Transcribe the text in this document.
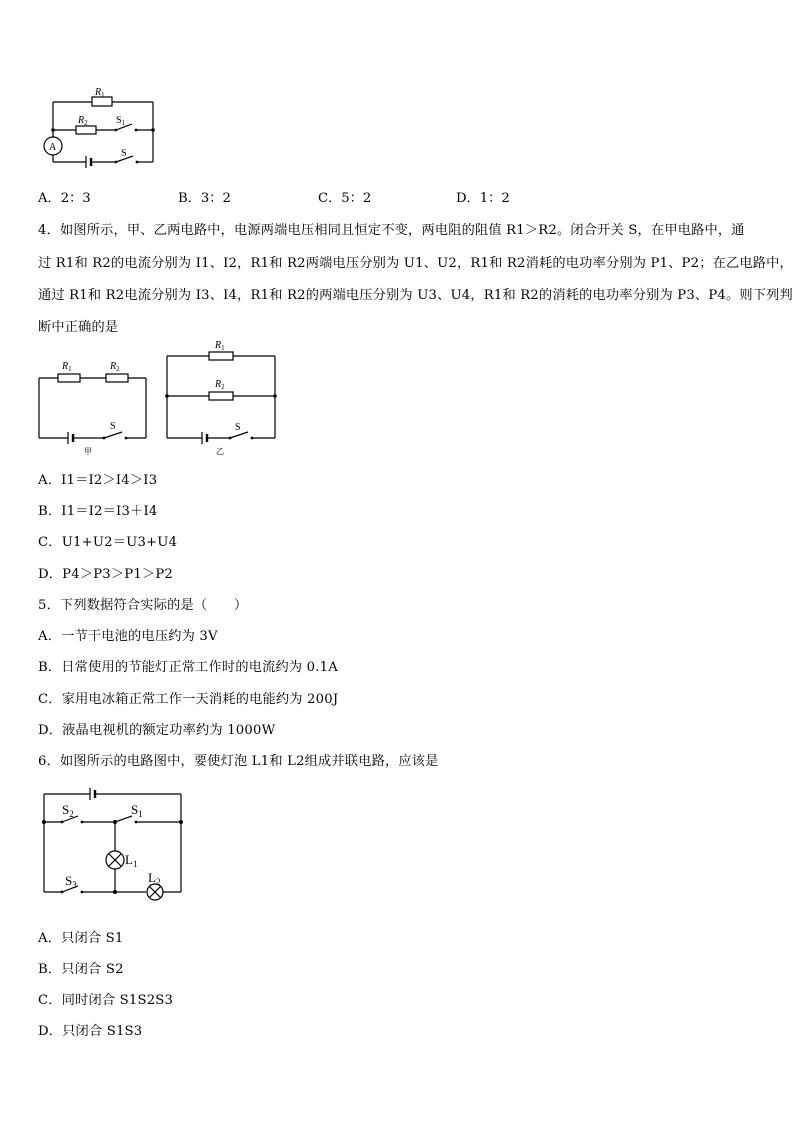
$R_1$
$R_2$	$S_1$
S
A
A．2：3	B．3：2	C．5：2	D．1：2
4．如图所示，甲、乙两电路中，电源两端电压相同且恒定不变，两电阻的阻值 R1＞R2。闭合开关 S，在甲电路中，通
过 R1和 R2的电流分别为 I1、I2，R1和 R2两端电压分别为 U1、U2，R1和 R2消耗的电功率分别为 P1、P2；在乙电路中，
通过 R1和 R2电流分别为 I3、I4，R1和 R2的两端电压分别为 U3、U4，R1和 R2的消耗的电功率分别为 P3、P4。则下列判
断中正确的是
$R_1$	$R_2$
S
甲
$R_1$
$R_2$
S
乙
A．I1＝I2＞I4＞I3
B．I1＝I2＝I3＋I4
C．U1+U2＝U3+U4
D．P4＞P3＞P1＞P2
5．下列数据符合实际的是（　　）
A．一节干电池的电压约为 3V
B．日常使用的节能灯正常工作时的电流约为 0.1A
C．家用电冰箱正常工作一天消耗的电能约为 200J
D．液晶电视机的额定功率约为 1000W
6．如图所示的电路图中，要使灯泡 L1和 L2组成并联电路，应该是
$S_2$	$S_1$
$L_1$
$S_3$	$L_2$
A．只闭合 S1
B．只闭合 S2
C．同时闭合 S1S2S3
D．只闭合 S1S3
